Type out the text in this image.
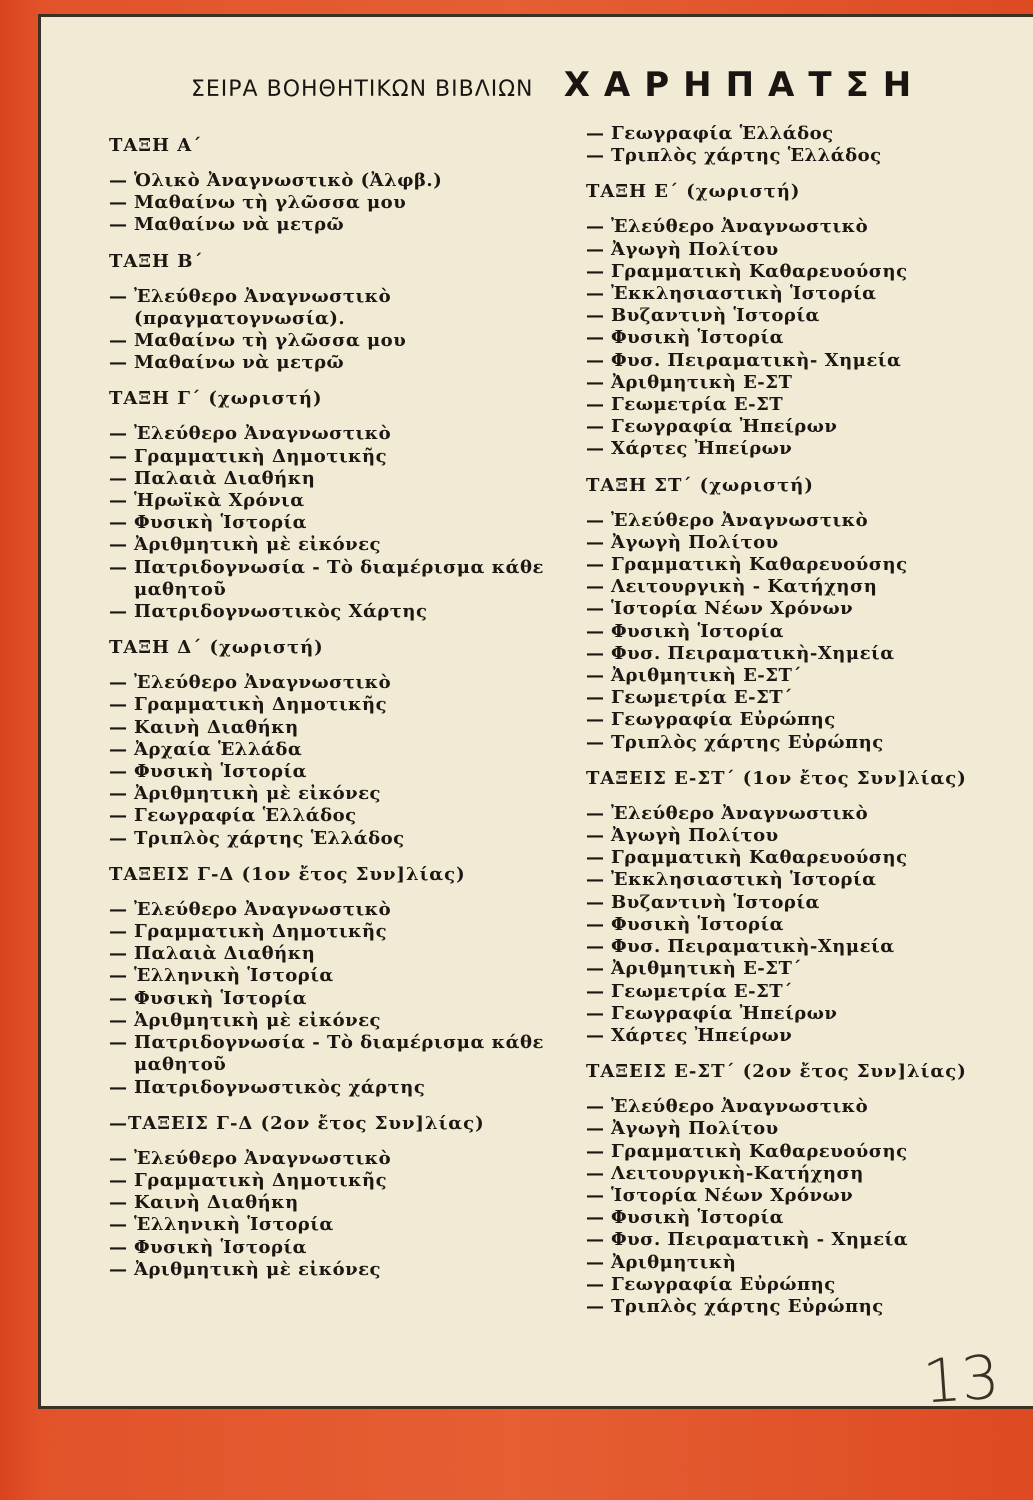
ΣΕΙΡΑ ΒΟΗΘΗΤΙΚΩΝ ΒΙΒΛΙΩΝ ΧΑΡΗΠΑΤΣΗ
ΤΑΞΗ Α΄
— Ὁλικὸ Ἀναγνωστικὸ (Ἀλφβ.)
— Μαθαίνω τὴ γλῶσσα μου
— Μαθαίνω νὰ μετρῶ
ΤΑΞΗ Β΄
— Ἐλεύθερο Ἀναγνωστικὸ (πραγματογνωσία).
— Μαθαίνω τὴ γλῶσσα μου
— Μαθαίνω νὰ μετρῶ
ΤΑΞΗ Γ΄ (χωριστή)
— Ἐλεύθερο Ἀναγνωστικὸ
— Γραμματικὴ Δημοτικῆς
— Παλαιὰ Διαθήκη
— Ἡρωϊκὰ Χρόνια
— Φυσικὴ Ἱστορία
— Ἀριθμητικὴ μὲ εἰκόνες
— Πατριδογνωσία - Τὸ διαμέρισμα κάθε μαθητοῦ
— Πατριδογνωστικὸς Χάρτης
ΤΑΞΗ Δ΄ (χωριστή)
— Ἐλεύθερο Ἀναγνωστικὸ
— Γραμματικὴ Δημοτικῆς
— Καινὴ Διαθήκη
— Ἀρχαία Ἑλλάδα
— Φυσικὴ Ἱστορία
— Ἀριθμητικὴ μὲ εἰκόνες
— Γεωγραφία Ἑλλάδος
— Τριπλὸς χάρτης Ἑλλάδος
ΤΑΞΕΙΣ Γ-Δ (1ον ἔτος Συν]λίας)
— Ἐλεύθερο Ἀναγνωστικὸ
— Γραμματικὴ Δημοτικῆς
— Παλαιὰ Διαθήκη
— Ἑλληνικὴ Ἱστορία
— Φυσικὴ Ἱστορία
— Ἀριθμητικὴ μὲ εἰκόνες
— Πατριδογνωσία - Τὸ διαμέρισμα κάθε μαθητοῦ
— Πατριδογνωστικὸς χάρτης
—ΤΑΞΕΙΣ Γ-Δ (2ον ἔτος Συν]λίας)
— Ἐλεύθερο Ἀναγνωστικὸ
— Γραμματικὴ Δημοτικῆς
— Καινὴ Διαθήκη
— Ἑλληνικὴ Ἱστορία
— Φυσικὴ Ἱστορία
— Ἀριθμητικὴ μὲ εἰκόνες
— Γεωγραφία Ἑλλάδος
— Τριπλὸς χάρτης Ἑλλάδος
ΤΑΞΗ Ε΄ (χωριστή)
— Ἐλεύθερο Ἀναγνωστικὸ
— Ἀγωγὴ Πολίτου
— Γραμματικὴ Καθαρευούσης
— Ἐκκλησιαστικὴ Ἱστορία
— Βυζαντινὴ Ἱστορία
— Φυσικὴ Ἱστορία
— Φυσ. Πειραματικὴ- Χημεία
— Ἀριθμητικὴ Ε-ΣΤ
— Γεωμετρία Ε-ΣΤ
— Γεωγραφία Ἠπείρων
— Χάρτες Ἠπείρων
ΤΑΞΗ ΣΤ΄ (χωριστή)
— Ἐλεύθερο Ἀναγνωστικὸ
— Ἀγωγὴ Πολίτου
— Γραμματικὴ Καθαρευούσης
— Λειτουργικὴ - Κατήχηση
— Ἱστορία Νέων Χρόνων
— Φυσικὴ Ἱστορία
— Φυσ. Πειραματικὴ-Χημεία
— Ἀριθμητικὴ Ε-ΣΤ΄
— Γεωμετρία Ε-ΣΤ΄
— Γεωγραφία Εὐρώπης
— Τριπλὸς χάρτης Εὐρώπης
ΤΑΞΕΙΣ Ε-ΣΤ΄ (1ον ἔτος Συν]λίας)
— Ἐλεύθερο Ἀναγνωστικὸ
— Ἀγωγὴ Πολίτου
— Γραμματικὴ Καθαρευούσης
— Ἐκκλησιαστικὴ Ἱστορία
— Βυζαντινὴ Ἱστορία
— Φυσικὴ Ἱστορία
— Φυσ. Πειραματικὴ-Χημεία
— Ἀριθμητικὴ Ε-ΣΤ΄
— Γεωμετρία Ε-ΣΤ΄
— Γεωγραφία Ἠπείρων
— Χάρτες Ἠπείρων
ΤΑΞΕΙΣ Ε-ΣΤ΄ (2ον ἔτος Συν]λίας)
— Ἐλεύθερο Ἀναγνωστικὸ
— Ἀγωγὴ Πολίτου
— Γραμματικὴ Καθαρευούσης
— Λειτουργικὴ-Κατήχηση
— Ἱστορία Νέων Χρόνων
— Φυσικὴ Ἱστορία
— Φυσ. Πειραματικὴ - Χημεία
— Ἀριθμητικὴ
— Γεωγραφία Εὐρώπης
— Τριπλὸς χάρτης Εὐρώπης
13
